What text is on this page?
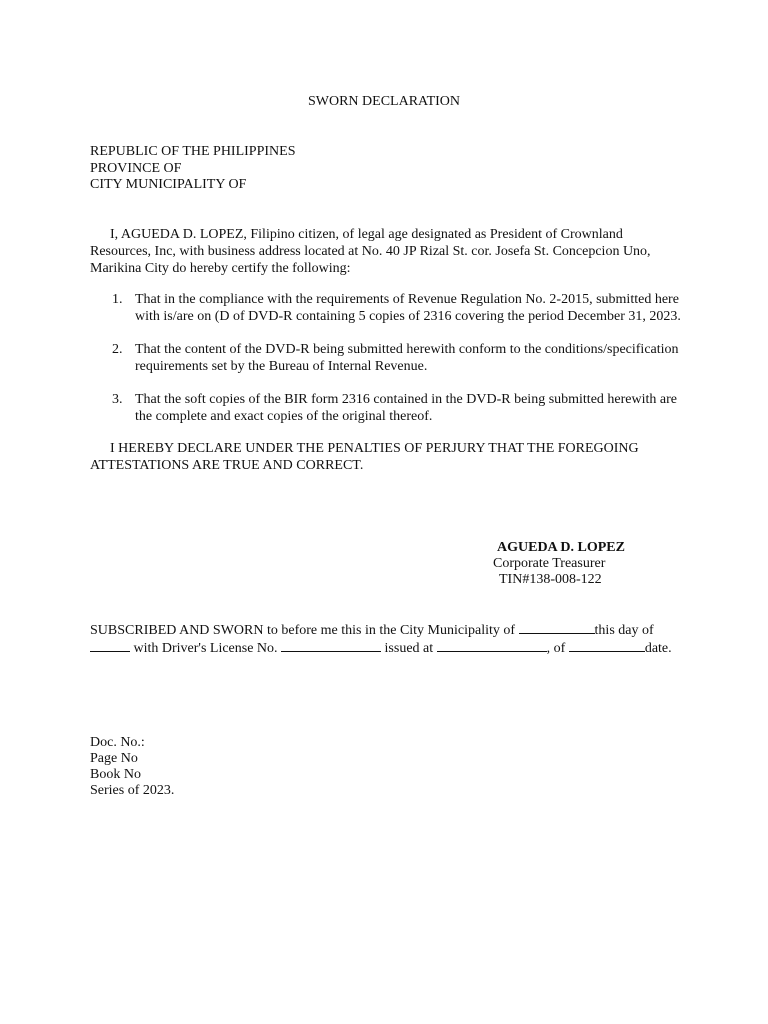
SWORN DECLARATION
REPUBLIC OF THE PHILIPPINES
PROVINCE OF
CITY MUNICIPALITY OF
I, AGUEDA D. LOPEZ, Filipino citizen, of legal age designated as President of Crownland
Resources, Inc, with business address located at No. 40 JP Rizal St. cor. Josefa St. Concepcion Uno,
Marikina City do hereby certify the following:
1. That in the compliance with the requirements of Revenue Regulation No. 2-2015, submitted here
with is/are on (D of DVD-R containing 5 copies of 2316 covering the period December 31, 2023.
2. That the content of the DVD-R being submitted herewith conform to the conditions/specification
requirements set by the Bureau of Internal Revenue.
3. That the soft copies of the BIR form 2316 contained in the DVD-R being submitted herewith are
the complete and exact copies of the original thereof.
I HEREBY DECLARE UNDER THE PENALTIES OF PERJURY THAT THE FOREGOING
ATTESTATIONS ARE TRUE AND CORRECT.
AGUEDA D. LOPEZ
Corporate Treasurer
TIN#138-008-122
SUBSCRIBED AND SWORN to before me this in the City Municipality of	this day of
with Driver's License No.	issued at	, of	date.
Doc. No.:
Page No
Book No
Series of 2023.
